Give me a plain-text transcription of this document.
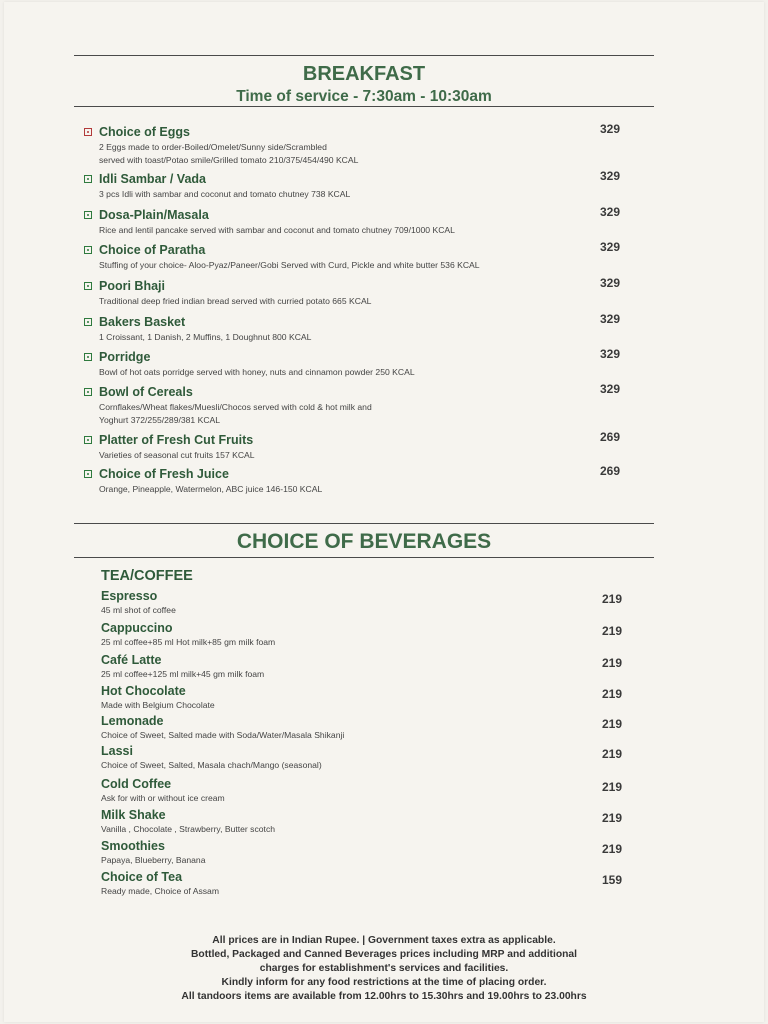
BREAKFAST

Time of service - 7:30am - 10:30am

Choice of Eggs	329
2 Eggs made to order-Boiled/Omelet/Sunny side/Scrambled
served with toast/Potao smile/Grilled tomato 210/375/454/490 KCAL
Idli Sambar / Vada	329
3 pcs Idli with sambar and coconut and tomato chutney 738 KCAL
Dosa-Plain/Masala	329
Rice and lentil pancake served with sambar and coconut and tomato chutney 709/1000 KCAL
Choice of Paratha	329
Stuffing of your choice- Aloo-Pyaz/Paneer/Gobi Served with Curd, Pickle and white butter 536 KCAL
Poori Bhaji	329
Traditional deep fried indian bread served with curried potato 665 KCAL
Bakers Basket	329
1 Croissant, 1 Danish, 2 Muffins, 1 Doughnut 800 KCAL
Porridge	329
Bowl of hot oats porridge served with honey, nuts and cinnamon powder 250 KCAL
Bowl of Cereals	329
Cornflakes/Wheat flakes/Muesli/Chocos served with cold & hot milk and
Yoghurt 372/255/289/381 KCAL
Platter of Fresh Cut Fruits	269
Varieties of seasonal cut fruits 157 KCAL
Choice of Fresh Juice	269
Orange, Pineapple, Watermelon, ABC juice 146-150 KCAL
CHOICE OF BEVERAGES
TEA/COFFEE
Espresso	219
45 ml shot of coffee
Cappuccino	219
25 ml coffee+85 ml Hot milk+85 gm milk foam
Café Latte	219
25 ml coffee+125 ml milk+45 gm milk foam
Hot Chocolate	219
Made with Belgium Chocolate
Lemonade	219
Choice of Sweet, Salted made with Soda/Water/Masala Shikanji
Lassi	219
Choice of Sweet, Salted, Masala chach/Mango (seasonal)
Cold Coffee	219
Ask for with or without ice cream
Milk Shake	219
Vanilla , Chocolate , Strawberry, Butter scotch
Smoothies	219
Papaya, Blueberry, Banana
Choice of Tea	159
Ready made, Choice of Assam
All prices are in Indian Rupee. | Government taxes extra as applicable.
Bottled, Packaged and Canned Beverages prices including MRP and additional
charges for establishment's services and facilities.
Kindly inform for any food restrictions at the time of placing order.
All tandoors items are available from 12.00hrs to 15.30hrs and 19.00hrs to 23.00hrs
